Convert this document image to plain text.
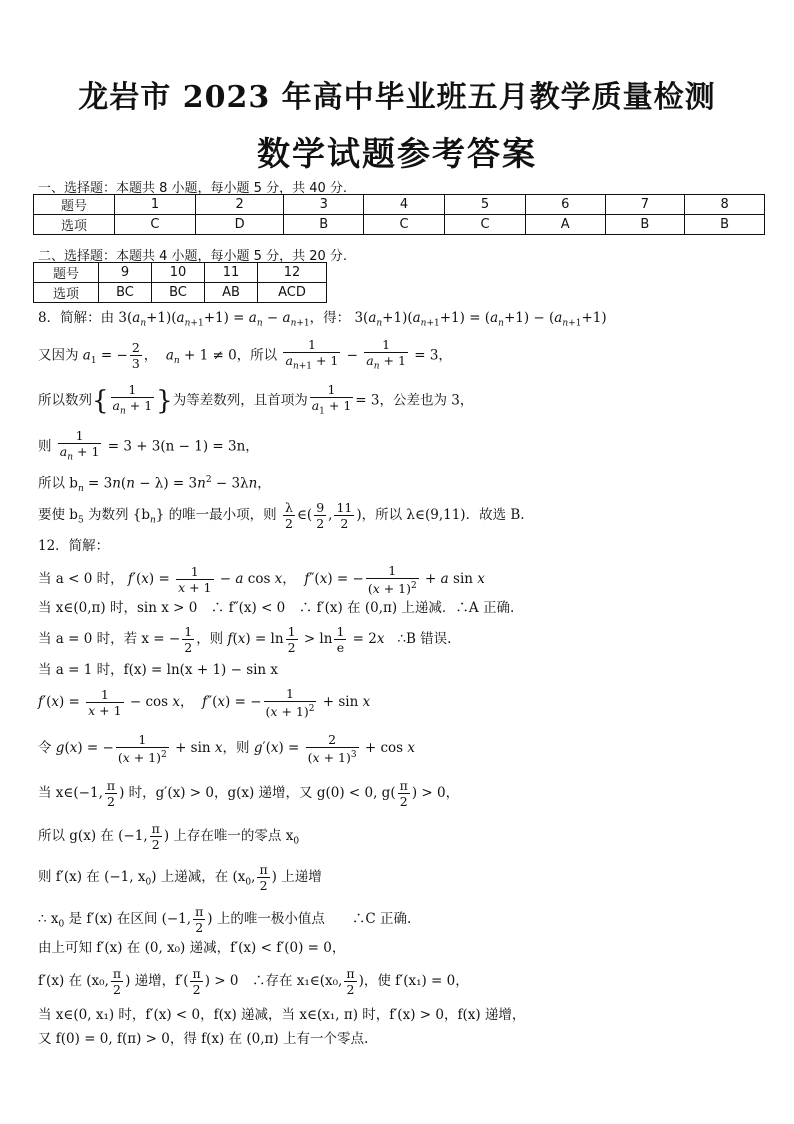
龙岩市 2023 年高中毕业班五月教学质量检测
数学试题参考答案
一、选择题：本题共 8 小题，每小题 5 分，共 40 分.
题号	1	2	3	4	5	6	7	8
选项	C	D	B	C	C	A	B	B
二、选择题：本题共 4 小题，每小题 5 分，共 20 分.
题号	9	10	11	12
选项	BC	BC	AB	ACD
8．简解：由 $3(a_n+1)(a_{n+1}+1) = a_n - a_{n+1}$，得： $3(a_n+1)(a_{n+1}+1) = (a_n+1) - (a_{n+1}+1)$
又因为 $a_1$ = − $\frac{2}{3}$ ，  $a_n + 1 \ne 0$，所以 $\frac{1}{a_{n+1} + 1} - \frac{1}{a_n + 1} = 3$，
所以数列{ $\frac{1}{a_n + 1}$ }为等差数列，且首项为 $\frac{1}{a_1 + 1} = 3$，公差也为 3，
则 $\frac{1}{a_n + 1} = 3 + 3(n - 1) = 3n$，
所以 $b_n = 3n(n - \lambda) = 3n^2 - 3\lambda n$，
要使 $b_5$ 为数列 $\{b_n\}$ 的唯一最小项，则 $\frac{\lambda}{2}$ ∈( $\frac{9}{2}$ , $\frac{11}{2}$ )，所以 λ∈(9,11)．故选 B.
12．简解：
当 a < 0 时， $f'(x) = \frac{1}{x + 1} - a$ cos x，  f″(x) = − $\frac{1}{(x + 1)^2} + a$ sin x
当 x∈(0,π) 时，sin x > 0　∴ f″(x) < 0　∴ f′(x) 在 (0,π) 上递减．∴A 正确.
当 a = 0 时，若 x = − $\frac{1}{2}$ ，则 $f(x) = \ln \frac{1}{2} > \ln \frac{1}{e} = 2x$ ∴B 错误.
当 a = 1 时，f(x) = ln(x + 1) − sin x
$f'(x) = \frac{1}{x + 1} - \cos x$，  f″(x) = − $\frac{1}{(x + 1)^2} + \sin x$
令 g(x) = − $\frac{1}{(x + 1)^2} + \sin x$，则 $g'(x) = \frac{2}{(x + 1)^3} + \cos x$
当 x∈(−1, $\frac{\pi}{2}$ ) 时，g′(x) > 0，g(x) 递增，又 g(0) < 0, $g( \frac{\pi}{2}$ ) > 0，
所以 g(x) 在 (−1, $\frac{\pi}{2}$ ) 上存在唯一的零点 $x_0$
则 f′(x) 在 (−1, $x_0$) 上递减，在 ($x_0$, $\frac{\pi}{2}$ ) 上递增
∴ $x_0$ 是 f′(x) 在区间 (−1, $\frac{\pi}{2}$ ) 上的唯一极小值点　　∴C 正确.
由上可知 f′(x) 在 (0, x₀) 递减，f′(x) < f′(0) = 0，
f′(x) 在 (x₀, $\frac{\pi}{2}$ ) 递增，$f'( \frac{\pi}{2}$ ) > 0　∴存在 x₁∈(x₀, $\frac{\pi}{2}$ )，使 f′(x₁) = 0，
当 x∈(0, x₁) 时，f′(x) < 0，f(x) 递减，当 x∈(x₁, π) 时，f′(x) > 0，f(x) 递增，
又 f(0) = 0, f(π) > 0，得 f(x) 在 (0,π) 上有一个零点.
